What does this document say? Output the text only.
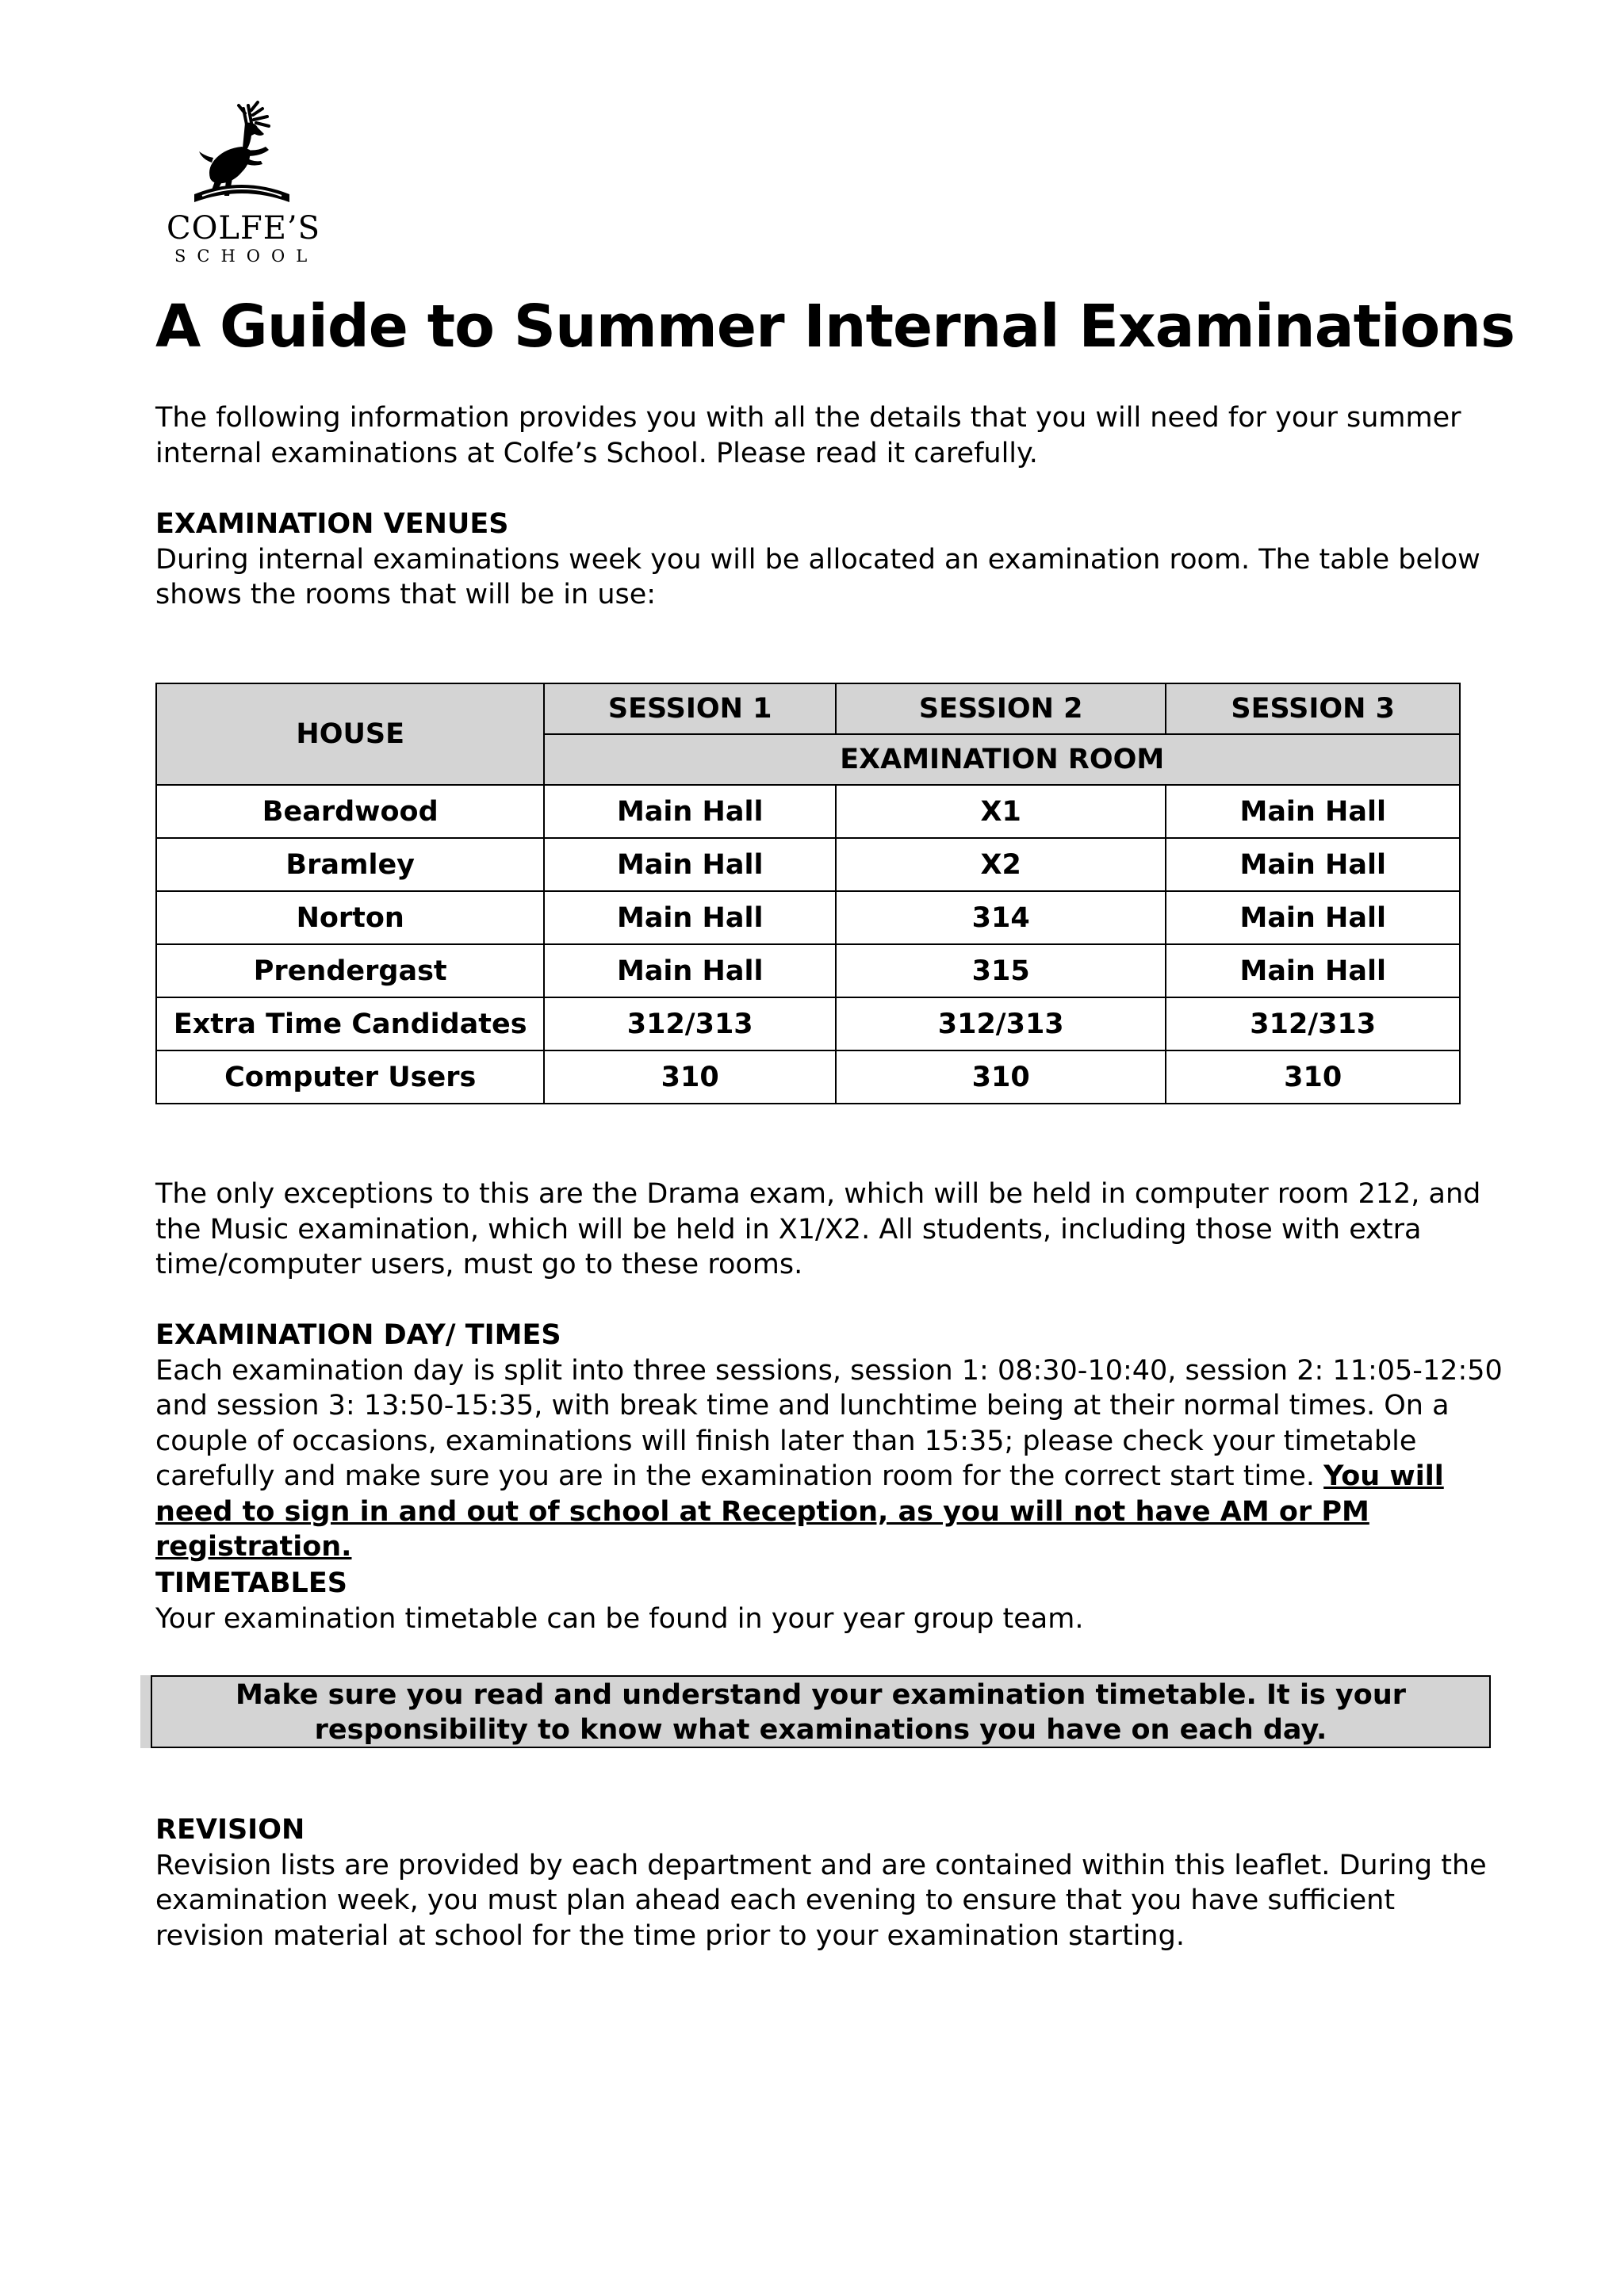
COLFE’S
SCHOOL
A Guide to Summer Internal Examinations
The following information provides you with all the details that you will need for your summer internal examinations at Colfe’s School. Please read it carefully.
EXAMINATION VENUES
During internal examinations week you will be allocated an examination room. The table below shows the rooms that will be in use:
HOUSE	SESSION 1	SESSION 2	SESSION 3
	EXAMINATION ROOM		
Beardwood	Main Hall	X1	Main Hall
Bramley	Main Hall	X2	Main Hall
Norton	Main Hall	314	Main Hall
Prendergast	Main Hall	315	Main Hall
Extra Time Candidates	312/313	312/313	312/313
Computer Users	310	310	310
The only exceptions to this are the Drama exam, which will be held in computer room 212, and the Music examination, which will be held in X1/X2. All students, including those with extra time/computer users, must go to these rooms.
EXAMINATION DAY/ TIMES
Each examination day is split into three sessions, session 1: 08:30-10:40, session 2: 11:05-12:50 and session 3: 13:50-15:35, with break time and lunchtime being at their normal times. On a couple of occasions, examinations will finish later than 15:35; please check your timetable carefully and make sure you are in the examination room for the correct start time. You will need to sign in and out of school at Reception, as you will not have AM or PM registration.
TIMETABLES
Your examination timetable can be found in your year group team.
Make sure you read and understand your examination timetable. It is your responsibility to know what examinations you have on each day.
REVISION
Revision lists are provided by each department and are contained within this leaflet. During the examination week, you must plan ahead each evening to ensure that you have sufficient revision material at school for the time prior to your examination starting.
